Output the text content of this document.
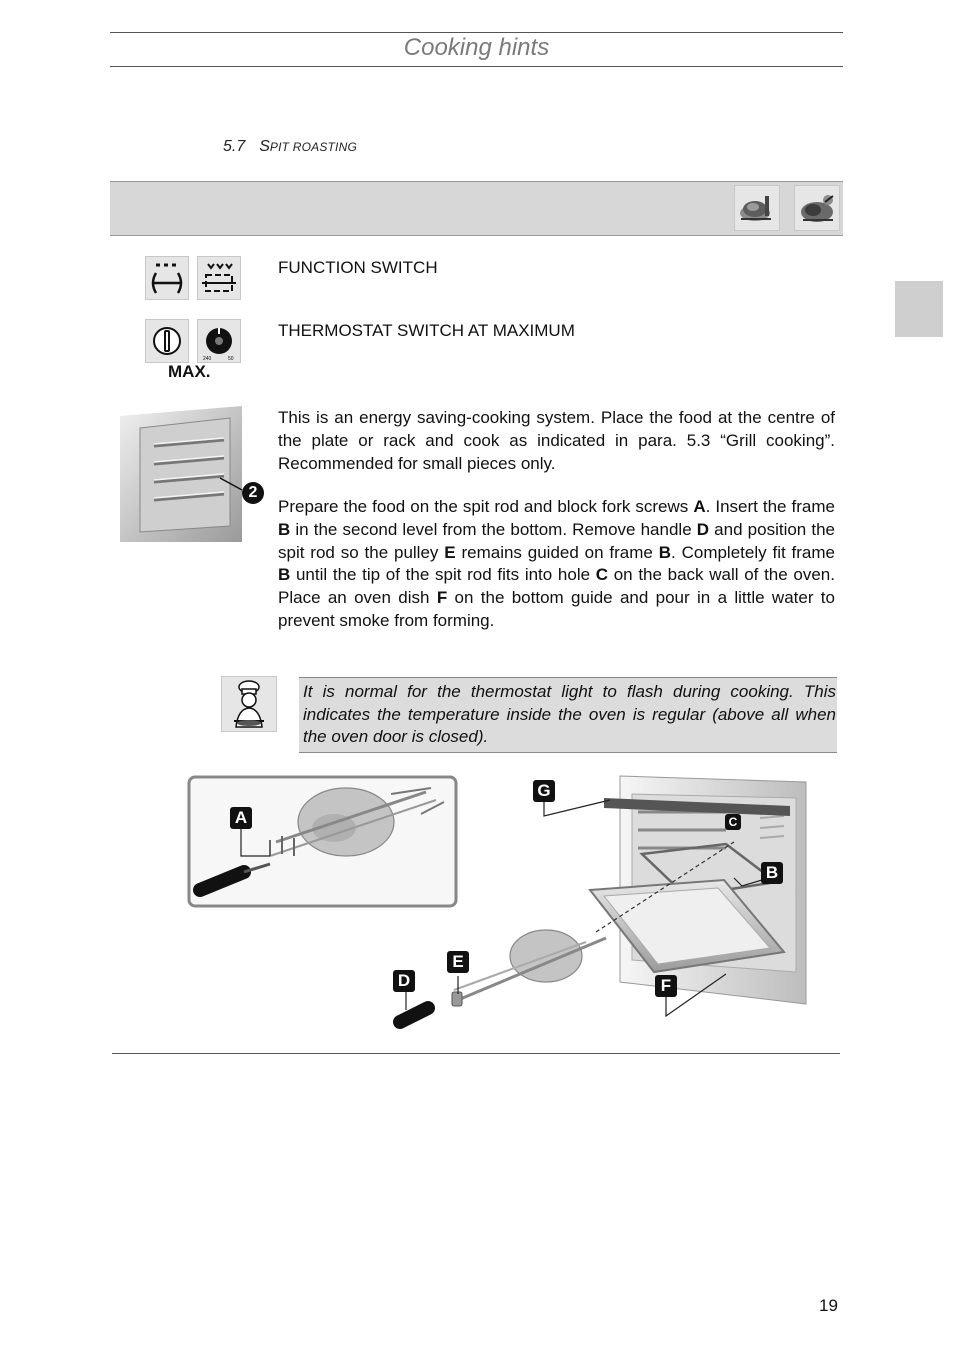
Cooking hints
5.7 SPIT ROASTING
FUNCTION SWITCH
240	50
THERMOSTAT SWITCH AT MAXIMUM
MAX.
2
This is an energy saving-cooking system. Place the food at the centre of the plate or rack and cook as indicated in para. 5.3 “Grill cooking”. Recommended for small pieces only.
Prepare the food on the spit rod and block fork screws A. Insert the frame B in the second level from the bottom. Remove handle D and position the spit rod so the pulley E remains guided on frame B. Completely fit frame B until the tip of the spit rod fits into hole C on the back wall of the oven. Place an oven dish F on the bottom guide and pour in a little water to prevent smoke from forming.
It is normal for the thermostat light to flash during cooking. This indicates the temperature inside the oven is regular (above all when the oven door is closed).
A
G
C
B
E
D	F
19
